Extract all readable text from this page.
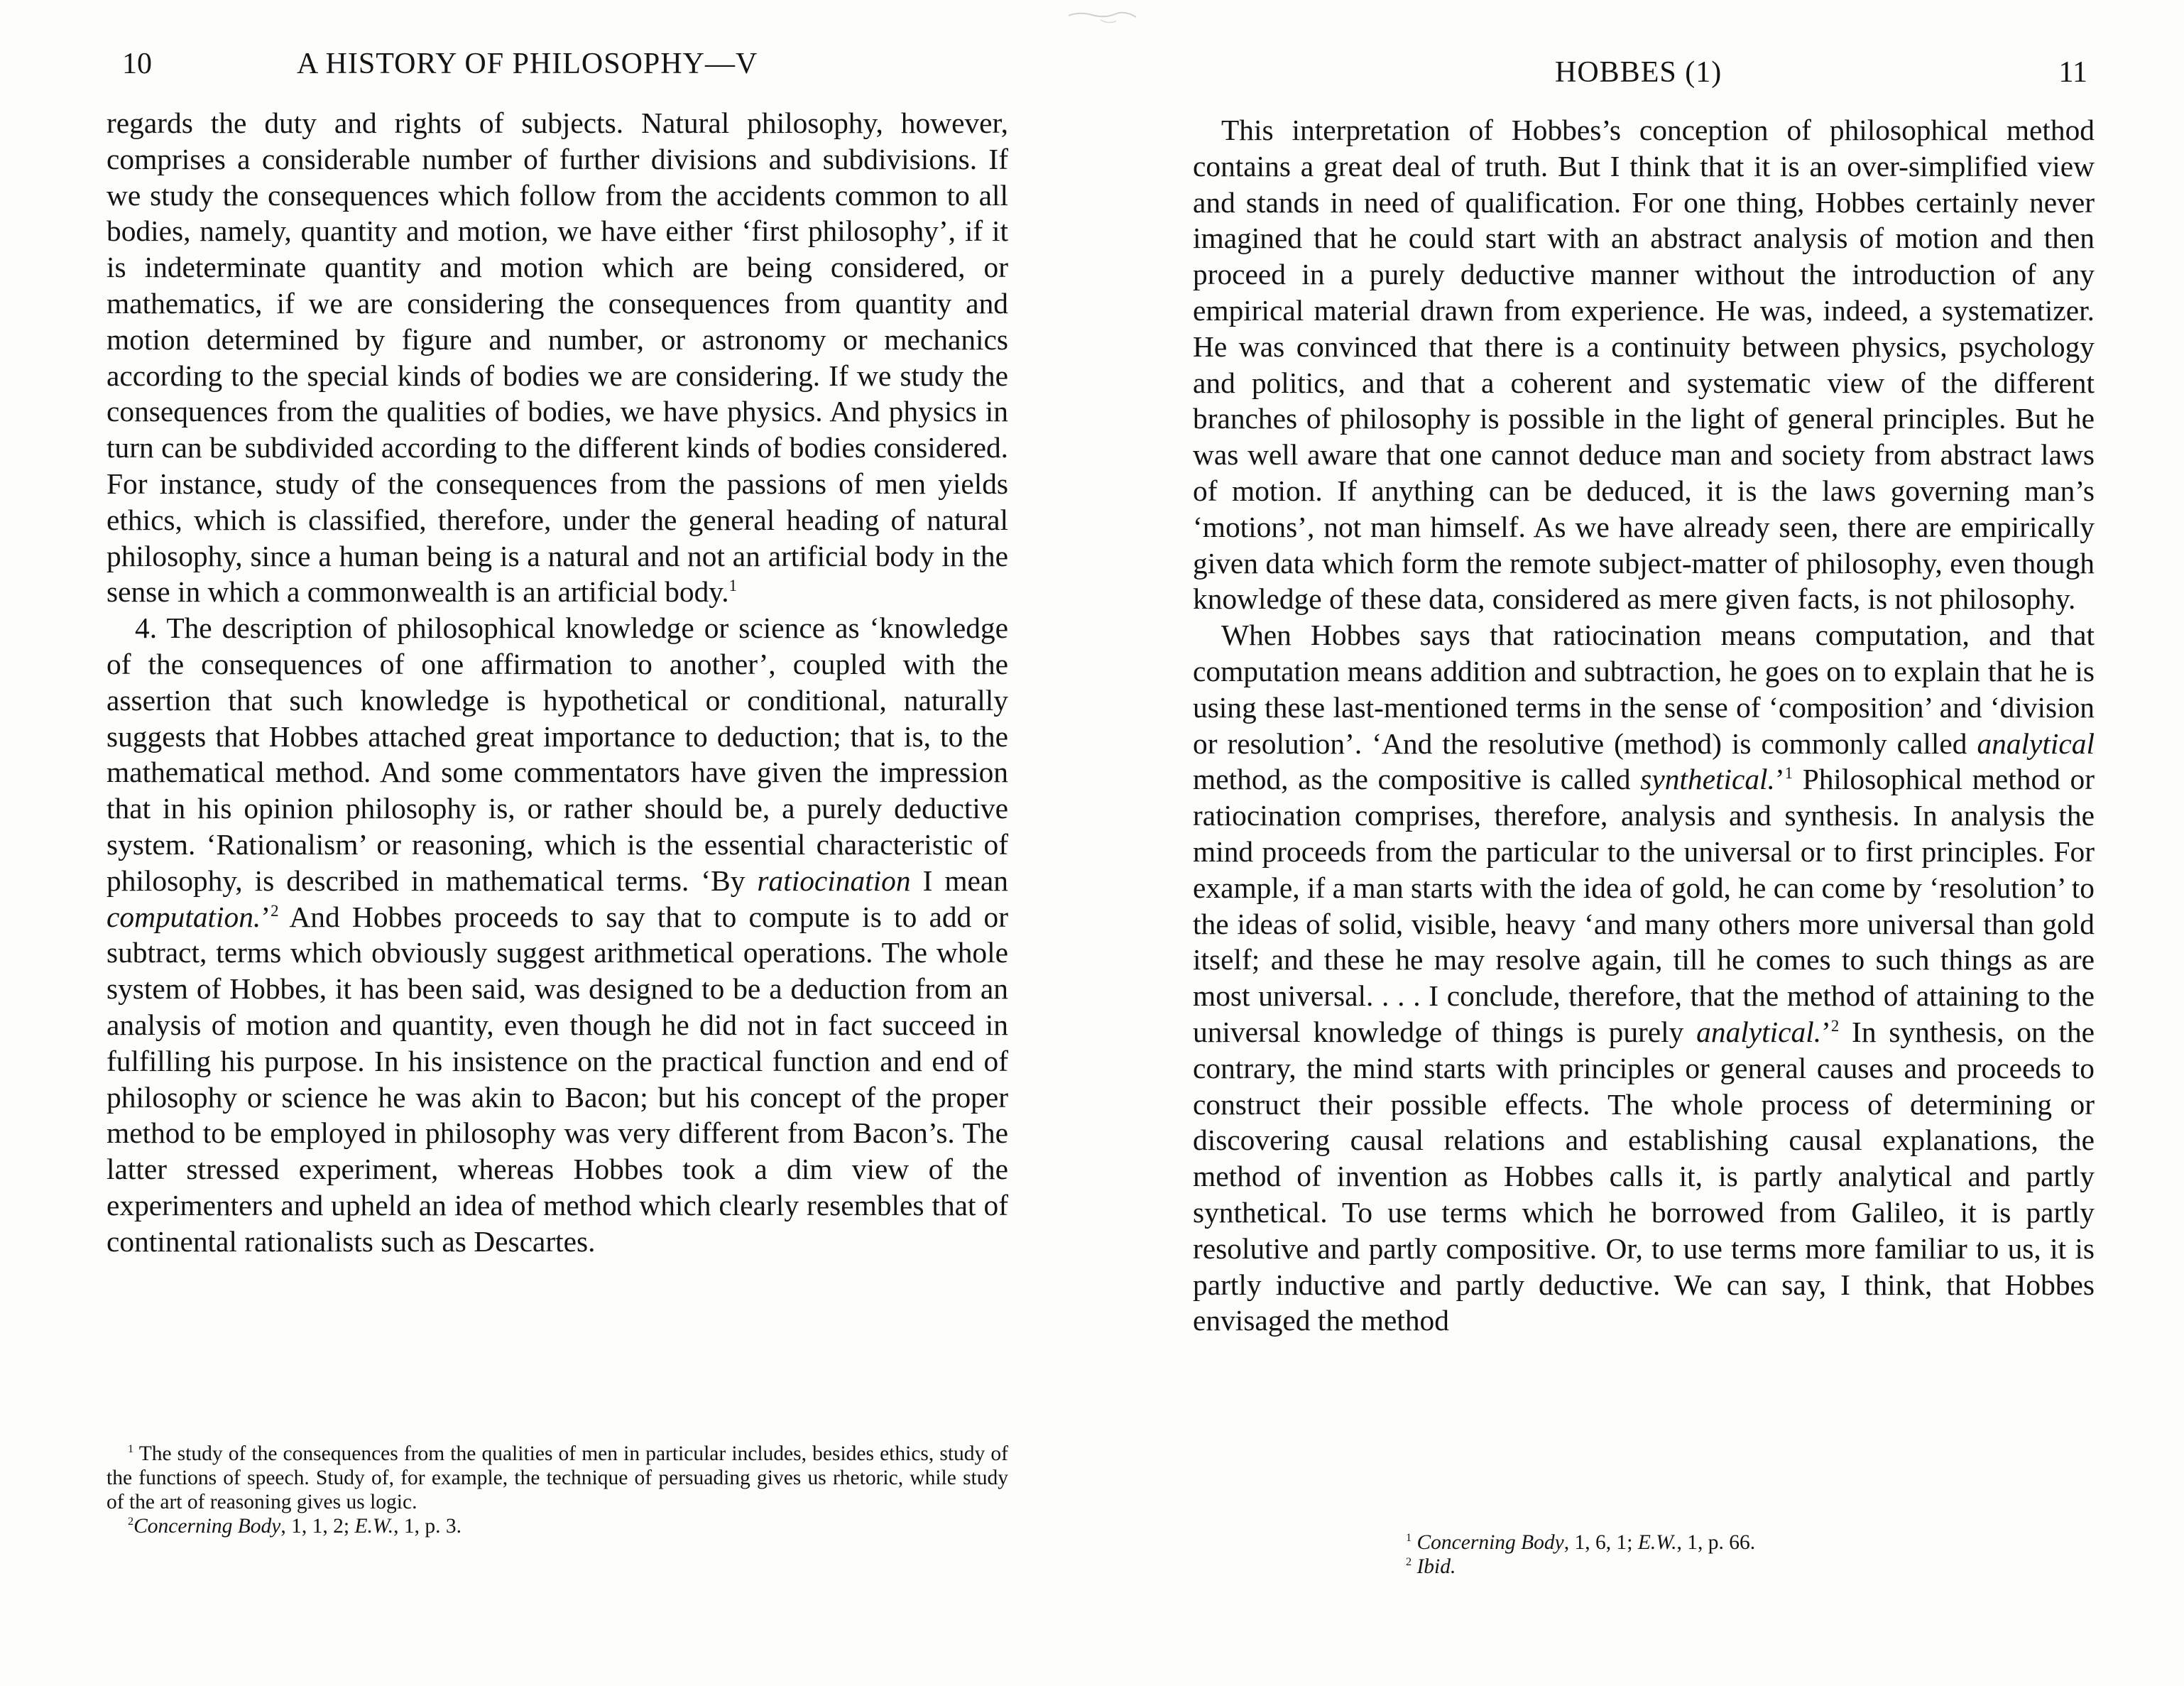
10	A HISTORY OF PHILOSOPHY—V

regards the duty and rights of subjects. Natural philosophy, however, comprises a considerable number of further divisions and subdivisions. If we study the consequences which follow from the accidents common to all bodies, namely, quantity and motion, we have either ‘first philosophy’, if it is indeterminate quantity and motion which are being considered, or mathematics, if we are considering the consequences from quantity and motion determined by figure and number, or astronomy or mechanics according to the special kinds of bodies we are considering. If we study the consequences from the qualities of bodies, we have physics. And physics in turn can be subdivided according to the different kinds of bodies considered. For instance, study of the consequences from the passions of men yields ethics, which is classified, therefore, under the general heading of natural philosophy, since a human being is a natural and not an artificial body in the sense in which a commonwealth is an artificial body.$^1$

4. The description of philosophical knowledge or science as ‘knowledge of the consequences of one affirmation to another’, coupled with the assertion that such knowledge is hypothetical or conditional, naturally suggests that Hobbes attached great importance to deduction; that is, to the mathematical method. And some commentators have given the impression that in his opinion philosophy is, or rather should be, a purely deductive system. ‘Rationalism’ or reasoning, which is the essential characteristic of philosophy, is described in mathematical terms. ‘By ratiocination I mean computation.’$^2$ And Hobbes proceeds to say that to compute is to add or subtract, terms which obviously suggest arithmetical operations. The whole system of Hobbes, it has been said, was designed to be a deduction from an analysis of motion and quantity, even though he did not in fact succeed in fulfilling his purpose. In his insistence on the practical function and end of philosophy or science he was akin to Bacon; but his concept of the proper method to be employed in philosophy was very different from Bacon’s. The latter stressed experiment, whereas Hobbes took a dim view of the experimenters and upheld an idea of method which clearly resembles that of continental rationalists such as Descartes.

$^1$ The study of the consequences from the qualities of men in particular includes, besides ethics, study of the functions of speech. Study of, for example, the technique of persuading gives us rhetoric, while study of the art of reasoning gives us logic.

$^2$Concerning Body, 1, 1, 2; E.W., 1, p. 3.

HOBBES (1)	11

This interpretation of Hobbes’s conception of philosophical method contains a great deal of truth. But I think that it is an over-simplified view and stands in need of qualification. For one thing, Hobbes certainly never imagined that he could start with an abstract analysis of motion and then proceed in a purely deductive manner without the introduction of any empirical material drawn from experience. He was, indeed, a systematizer. He was convinced that there is a continuity between physics, psychology and politics, and that a coherent and systematic view of the different branches of philosophy is possible in the light of general principles. But he was well aware that one cannot deduce man and society from abstract laws of motion. If anything can be deduced, it is the laws governing man’s ‘motions’, not man himself. As we have already seen, there are empirically given data which form the remote subject-matter of philosophy, even though knowledge of these data, considered as mere given facts, is not philosophy.

When Hobbes says that ratiocination means computation, and that computation means addition and subtraction, he goes on to explain that he is using these last-mentioned terms in the sense of ‘composition’ and ‘division or resolution’. ‘And the resolutive (method) is commonly called analytical method, as the compositive is called synthetical.’$^1$ Philosophical method or ratiocination comprises, therefore, analysis and synthesis. In analysis the mind proceeds from the particular to the universal or to first principles. For example, if a man starts with the idea of gold, he can come by ‘resolution’ to the ideas of solid, visible, heavy ‘and many others more universal than gold itself; and these he may resolve again, till he comes to such things as are most universal. . . . I conclude, therefore, that the method of attaining to the universal knowledge of things is purely analytical.’$^2$ In synthesis, on the contrary, the mind starts with principles or general causes and proceeds to construct their possible effects. The whole process of determining or discovering causal relations and establishing causal explanations, the method of invention as Hobbes calls it, is partly analytical and partly synthetical. To use terms which he borrowed from Galileo, it is partly resolutive and partly compositive. Or, to use terms more familiar to us, it is partly inductive and partly deductive. We can say, I think, that Hobbes envisaged the method

$^1$ Concerning Body, 1, 6, 1; E.W., 1, p. 66.

$^2$ Ibid.
